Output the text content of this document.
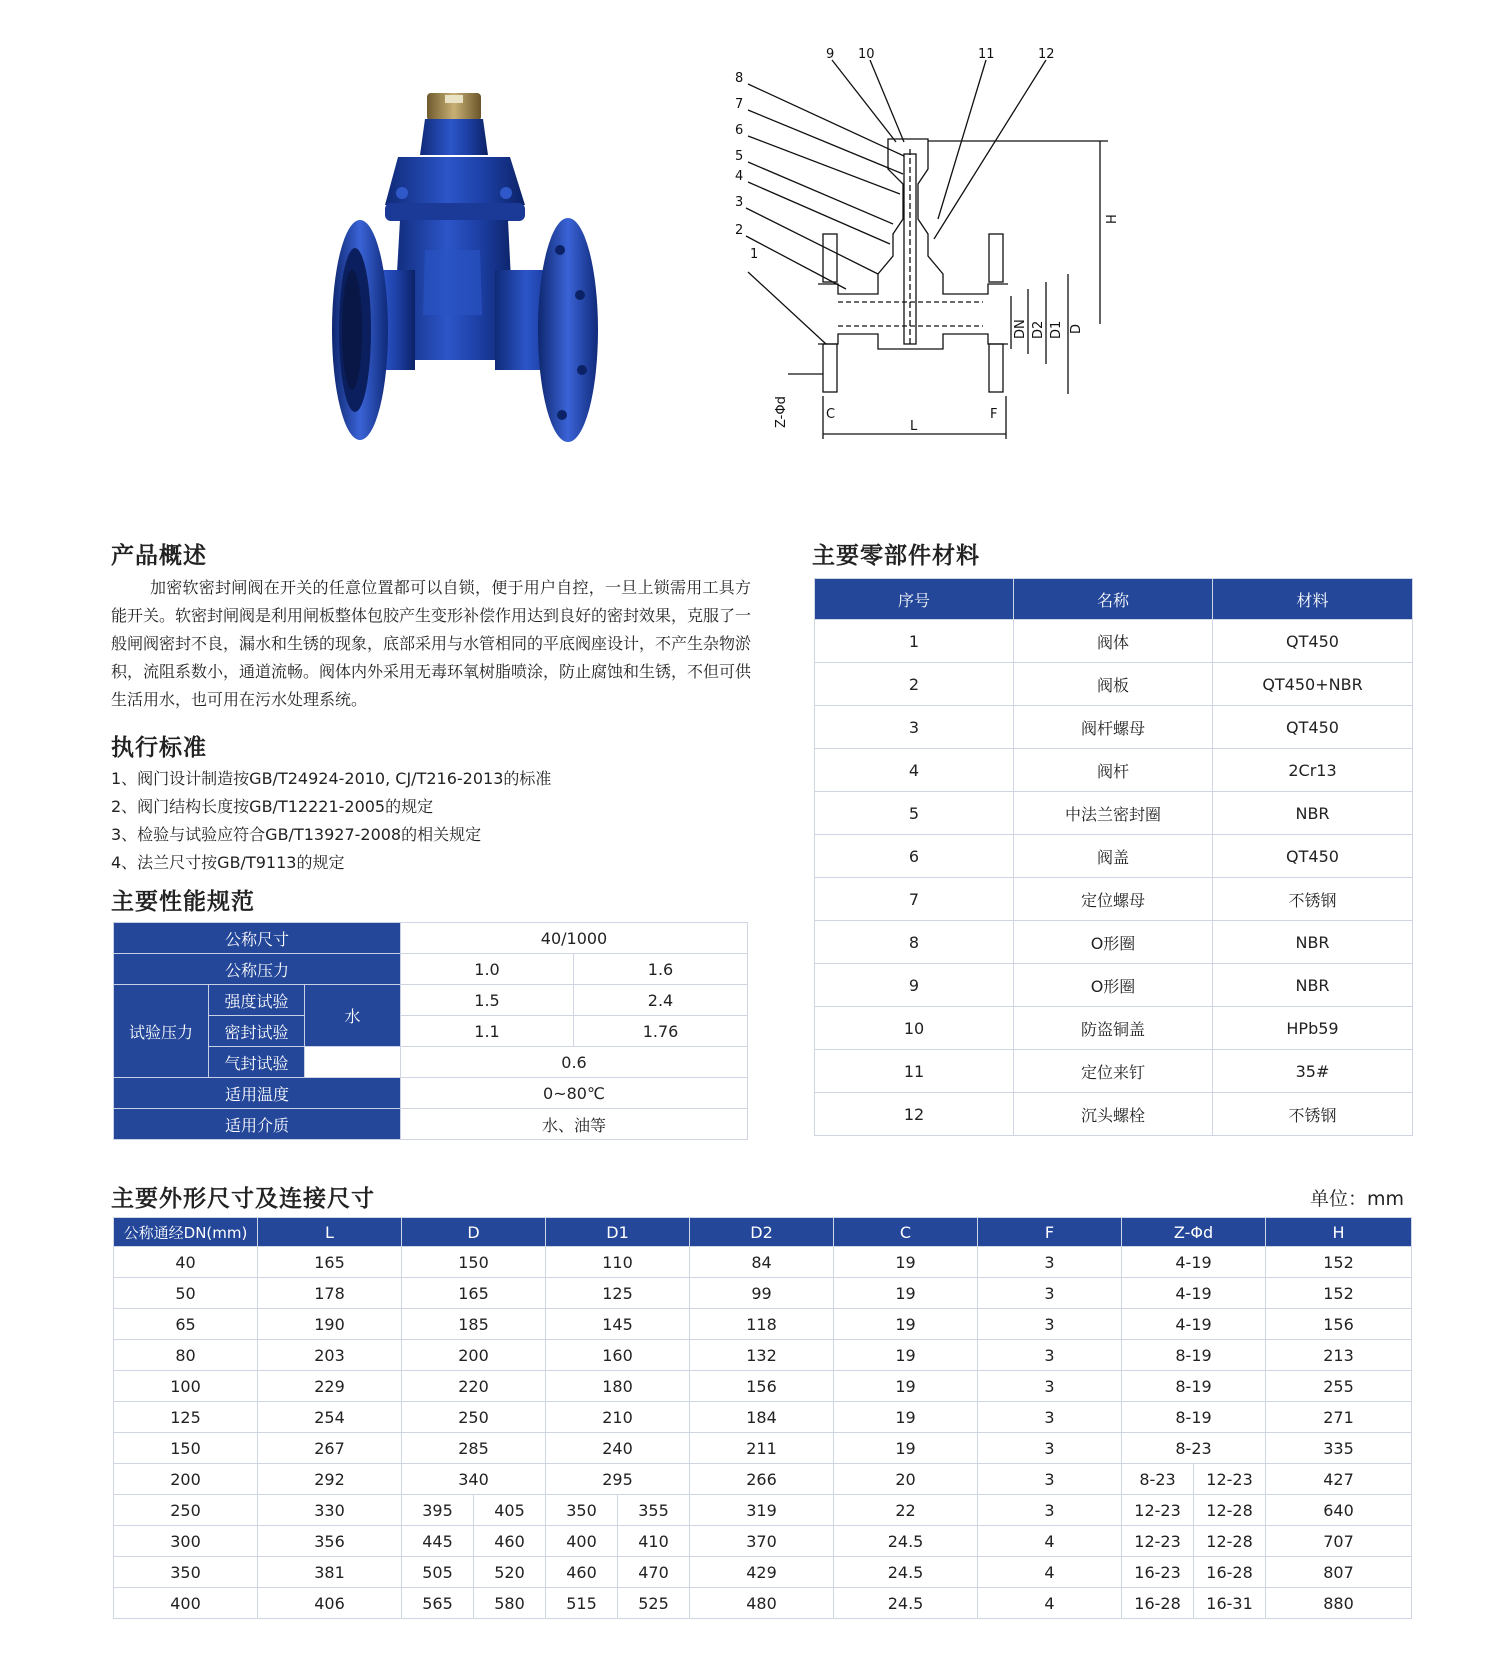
1
2
3
4
5
6
7
8
9 10	11	12
H
DN D2 D1 D
L
C	F
Z-Φd
产品概述
加密软密封闸阀在开关的任意位置都可以自锁，便于用户自控，一旦上锁需用工具方能开关。软密封闸阀是利用闸板整体包胶产生变形补偿作用达到良好的密封效果，克服了一般闸阀密封不良，漏水和生锈的现象，底部采用与水管相同的平底阀座设计，不产生杂物淤积，流阻系数小，通道流畅。阀体内外采用无毒环氧树脂喷涂，防止腐蚀和生锈，不但可供生活用水，也可用在污水处理系统。
执行标准
1、阀门设计制造按GB/T24924-2010, CJ/T216-2013的标准
2、阀门结构长度按GB/T12221-2005的规定
3、检验与试验应符合GB/T13927-2008的相关规定
4、法兰尺寸按GB/T9113的规定
主要性能规范
公称尺寸			40/1000	
公称压力			1.0	1.6
试验压力	强度试验	水	1.5	2.4
	密封试验		1.1	1.76
	气封试验		0.6	
适用温度			0~80℃	
适用介质			水、油等	
主要零部件材料
序号	名称	材料
1	阀体	QT450
2	阀板	QT450+NBR
3	阀杆螺母	QT450
4	阀杆	2Cr13
5	中法兰密封圈	NBR
6	阀盖	QT450
7	定位螺母	不锈钢
8	O形圈	NBR
9	O形圈	NBR
10	防盗铜盖	HPb59
11	定位来钉	35#
12	沉头螺栓	不锈钢
主要外形尺寸及连接尺寸	单位：mm
公称通经DN(mm)	L	D		D1		D2	C	F	Z-Φd		H
40	165	150		110		84	19	3	4-19		152
50	178	165		125		99	19	3	4-19		152
65	190	185		145		118	19	3	4-19		156
80	203	200		160		132	19	3	8-19		213
100	229	220		180		156	19	3	8-19		255
125	254	250		210		184	19	3	8-19		271
150	267	285		240		211	19	3	8-23		335
200	292	340		295		266	20	3	8-23	12-23	427
250	330	395	405	350	355	319	22	3	12-23	12-28	640
300	356	445	460	400	410	370	24.5	4	12-23	12-28	707
350	381	505	520	460	470	429	24.5	4	16-23	16-28	807
400	406	565	580	515	525	480	24.5	4	16-28	16-31	880
